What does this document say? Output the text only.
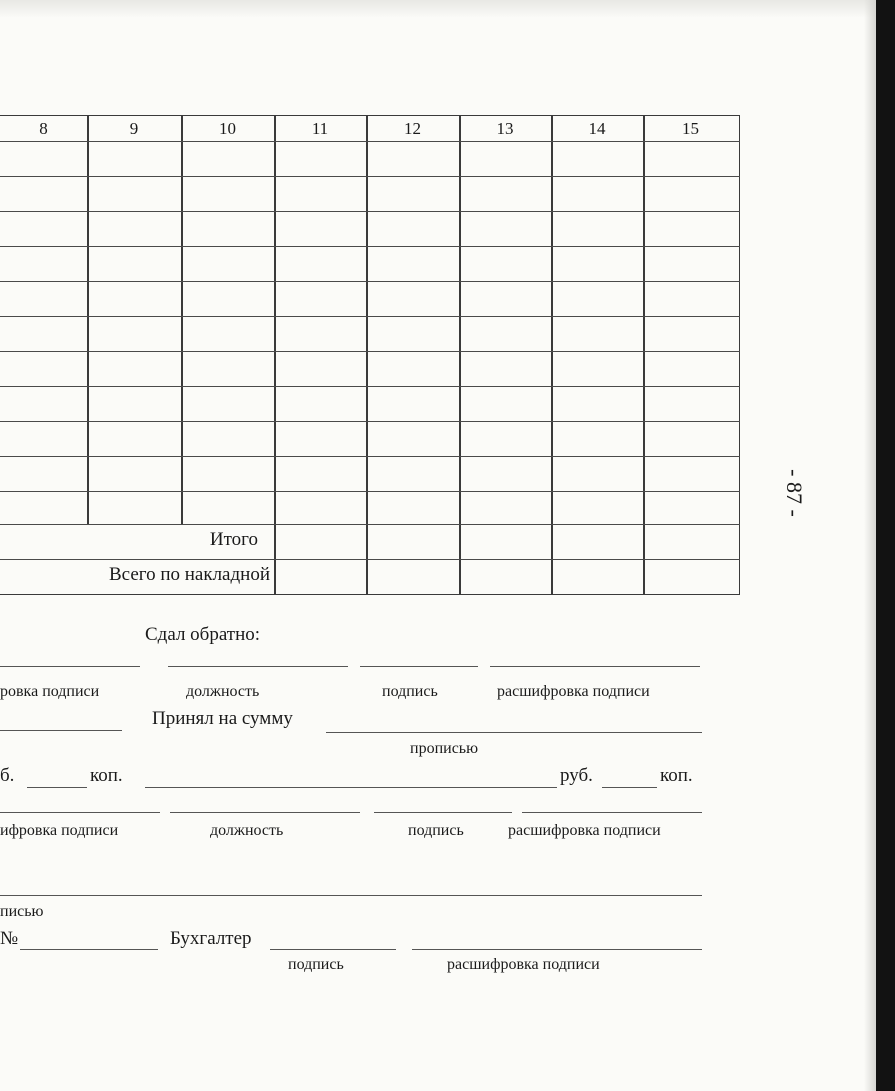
8	9	10	11	12	13	14	15
Итого
Всего по накладной
Сдал обратно:
ровка подписи	должность	подпись	расшифровка подписи
Принял на сумму
прописью
б.	коп.	руб.	коп.
ифровка подписи	должность	подпись	расшифровка подписи
писью
№	Бухгалтер
подпись	расшифровка подписи
- 87 -
